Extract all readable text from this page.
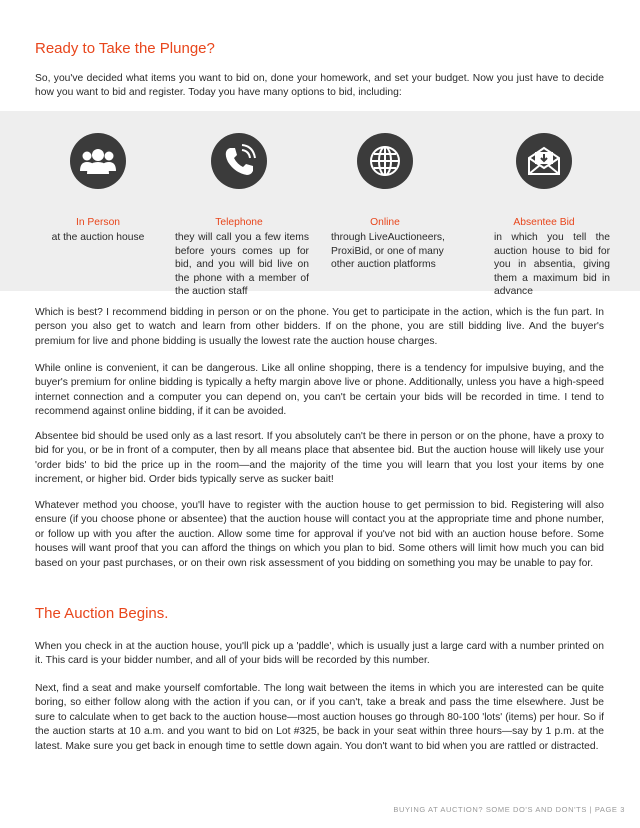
Ready to Take the Plunge?

So, you've decided what items you want to bid on, done your homework, and set your budget. Now you just have to decide how you want to bid and register. Today you have many options to bid, including:

In Person
at the auction house
Telephone
they will call you a few items before yours comes up for bid, and you will bid live on the phone with a member of the auction staff
Online
through LiveAuctioneers, ProxiBid, or one of many other auction platforms
Absentee Bid
in which you tell the auction house to bid for you in absentia, giving them a maximum bid in advance

Which is best? I recommend bidding in person or on the phone. You get to participate in the action, which is the fun part. In person you also get to watch and learn from other bidders. If on the phone, you are still bidding live. And the buyer's premium for live and phone bidding is usually the lowest rate the auction house charges.

While online is convenient, it can be dangerous. Like all online shopping, there is a tendency for impulsive buying, and the buyer's premium for online bidding is typically a hefty margin above live or phone. Additionally, unless you have a high-speed internet connection and a computer you can depend on, you can't be certain your bids will be recorded in time. I tend to recommend against online bidding, if it can be avoided.

Absentee bid should be used only as a last resort. If you absolutely can't be there in person or on the phone, have a proxy to bid for you, or be in front of a computer, then by all means place that absentee bid. But the auction house will likely use your 'order bids' to bid the price up in the room—and the majority of the time you will learn that you lost your items by one increment, or higher bid. Order bids typically serve as sucker bait!

Whatever method you choose, you'll have to register with the auction house to get permission to bid. Registering will also ensure (if you choose phone or absentee) that the auction house will contact you at the appropriate time and phone number, or follow up with you after the auction. Allow some time for approval if you've not bid with an auction house before. Some houses will want proof that you can afford the things on which you plan to bid. Some others will limit how much you can bid based on your past purchases, or on their own risk assessment of you bidding on something you may be unable to pay for.

The Auction Begins.

When you check in at the auction house, you'll pick up a 'paddle', which is usually just a large card with a number printed on it. This card is your bidder number, and all of your bids will be recorded by this number.

Next, find a seat and make yourself comfortable. The long wait between the items in which you are interested can be quite boring, so either follow along with the action if you can, or if you can't, take a break and pass the time elsewhere. Just be sure to calculate when to get back to the auction house—most auction houses go through 80-100 'lots' (items) per hour. So if the auction starts at 10 a.m. and you want to bid on Lot #325, be back in your seat within three hours—say by 1 p.m. at the latest. Make sure you get back in enough time to settle down again. You don't want to bid when you are rattled or distracted.

BUYING AT AUCTION? SOME DO'S AND DON'TS | PAGE 3
